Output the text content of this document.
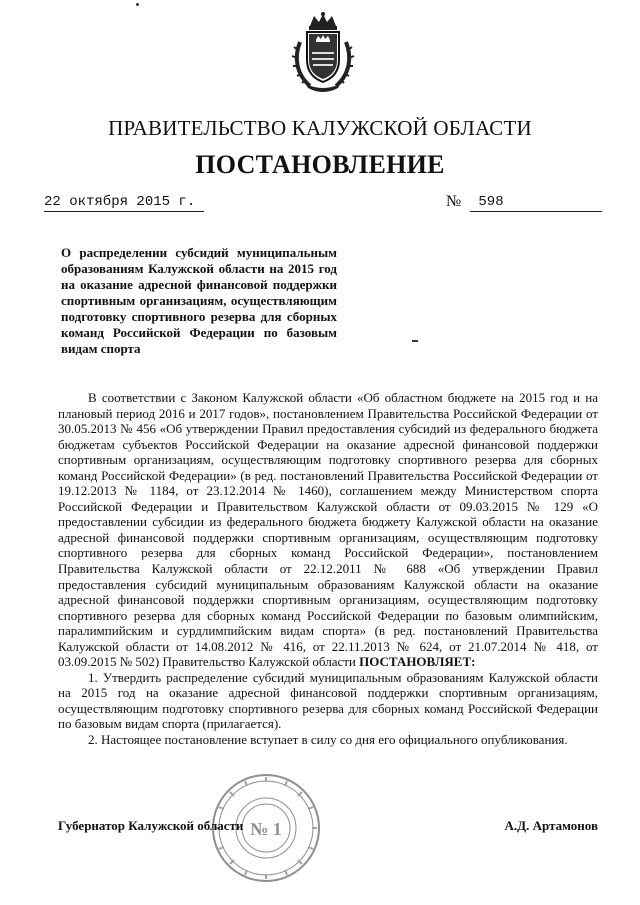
ПРАВИТЕЛЬСТВО КАЛУЖСКОЙ ОБЛАСТИ
ПОСТАНОВЛЕНИЕ
22 октября 2015 г.	№	598
О распределении субсидий муниципальным образованиям Калужской области на 2015 год на оказание адресной финансовой поддержки спортивным организациям, осуществляющим подготовку спортивного резерва для сборных команд Российской Федерации по базовым видам спорта

В соответствии с Законом Калужской области «Об областном бюджете на 2015 год и на плановый период 2016 и 2017 годов», постановлением Правительства Российской Федерации от 30.05.2013 № 456 «Об утверждении Правил предоставления субсидий из федерального бюджета бюджетам субъектов Российской Федерации на оказание адресной финансовой поддержки спортивным организациям, осуществляющим подготовку спортивного резерва для сборных команд Российской Федерации» (в ред. постановлений Правительства Российской Федерации от 19.12.2013 № 1184, от 23.12.2014 № 1460), соглашением между Министерством спорта Российской Федерации и Правительством Калужской области от 09.03.2015 № 129 «О предоставлении субсидии из федерального бюджета бюджету Калужской области на оказание адресной финансовой поддержки спортивным организациям, осуществляющим подготовку спортивного резерва для сборных команд Российской Федерации», постановлением Правительства Калужской области от 22.12.2011 № 688 «Об утверждении Правил предоставления субсидий муниципальным образованиям Калужской области на оказание адресной финансовой поддержки спортивным организациям, осуществляющим подготовку спортивного резерва для сборных команд Российской Федерации по базовым олимпийским, паралимпийским и сурдлимпийским видам спорта» (в ред. постановлений Правительства Калужской области от 14.08.2012 № 416, от 22.11.2013 № 624, от 21.07.2014 № 418, от 03.09.2015 № 502) Правительство Калужской области ПОСТАНОВЛЯЕТ:

1. Утвердить распределение субсидий муниципальным образованиям Калужской области на 2015 год на оказание адресной финансовой поддержки спортивным организациям, осуществляющим подготовку спортивного резерва для сборных команд Российской Федерации по базовым видам спорта (прилагается).

2. Настоящее постановление вступает в силу со дня его официального опубликования.

№ 1
Губернатор Калужской области	А.Д. Артамонов
